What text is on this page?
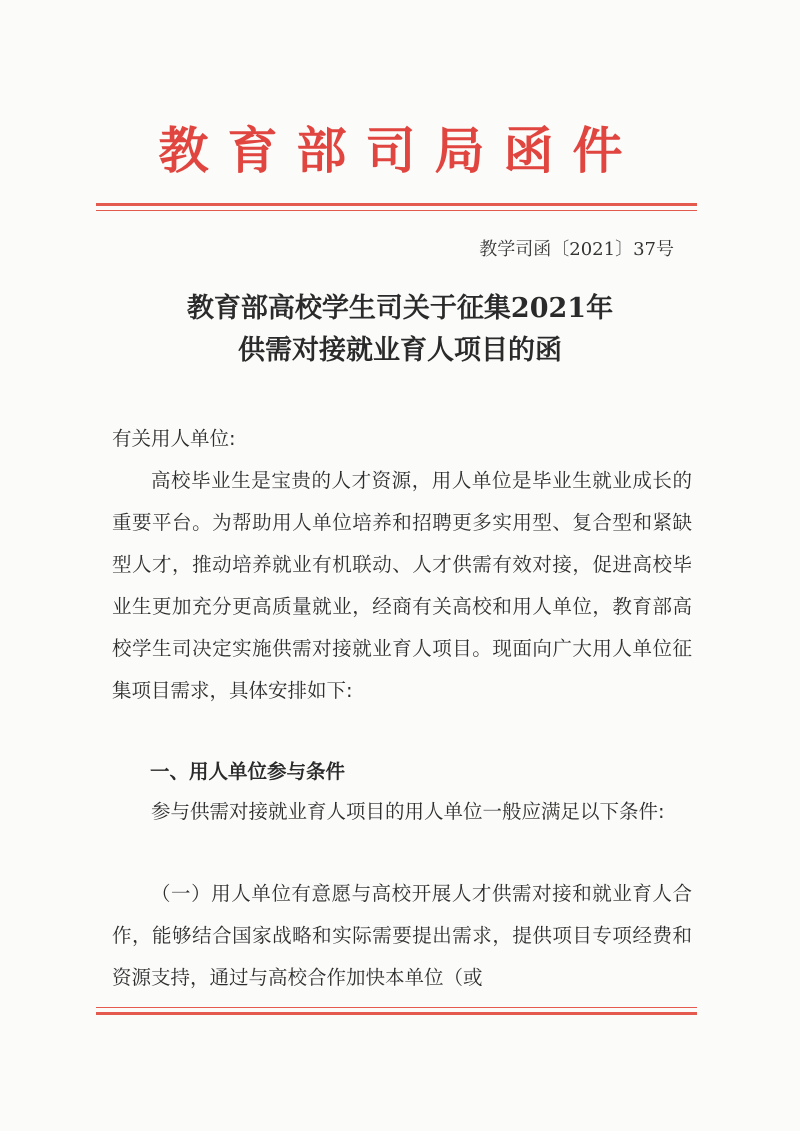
教育部司局函件
教学司函〔2021〕37号
教育部高校学生司关于征集2021年
供需对接就业育人项目的函
有关用人单位:

高校毕业生是宝贵的人才资源，用人单位是毕业生就业成长的重要平台。为帮助用人单位培养和招聘更多实用型、复合型和紧缺型人才，推动培养就业有机联动、人才供需有效对接，促进高校毕业生更加充分更高质量就业，经商有关高校和用人单位，教育部高校学生司决定实施供需对接就业育人项目。现面向广大用人单位征集项目需求，具体安排如下:

一、用人单位参与条件

参与供需对接就业育人项目的用人单位一般应满足以下条件:

（一）用人单位有意愿与高校开展人才供需对接和就业育人合作，能够结合国家战略和实际需要提出需求，提供项目专项经费和资源支持，通过与高校合作加快本单位（或
